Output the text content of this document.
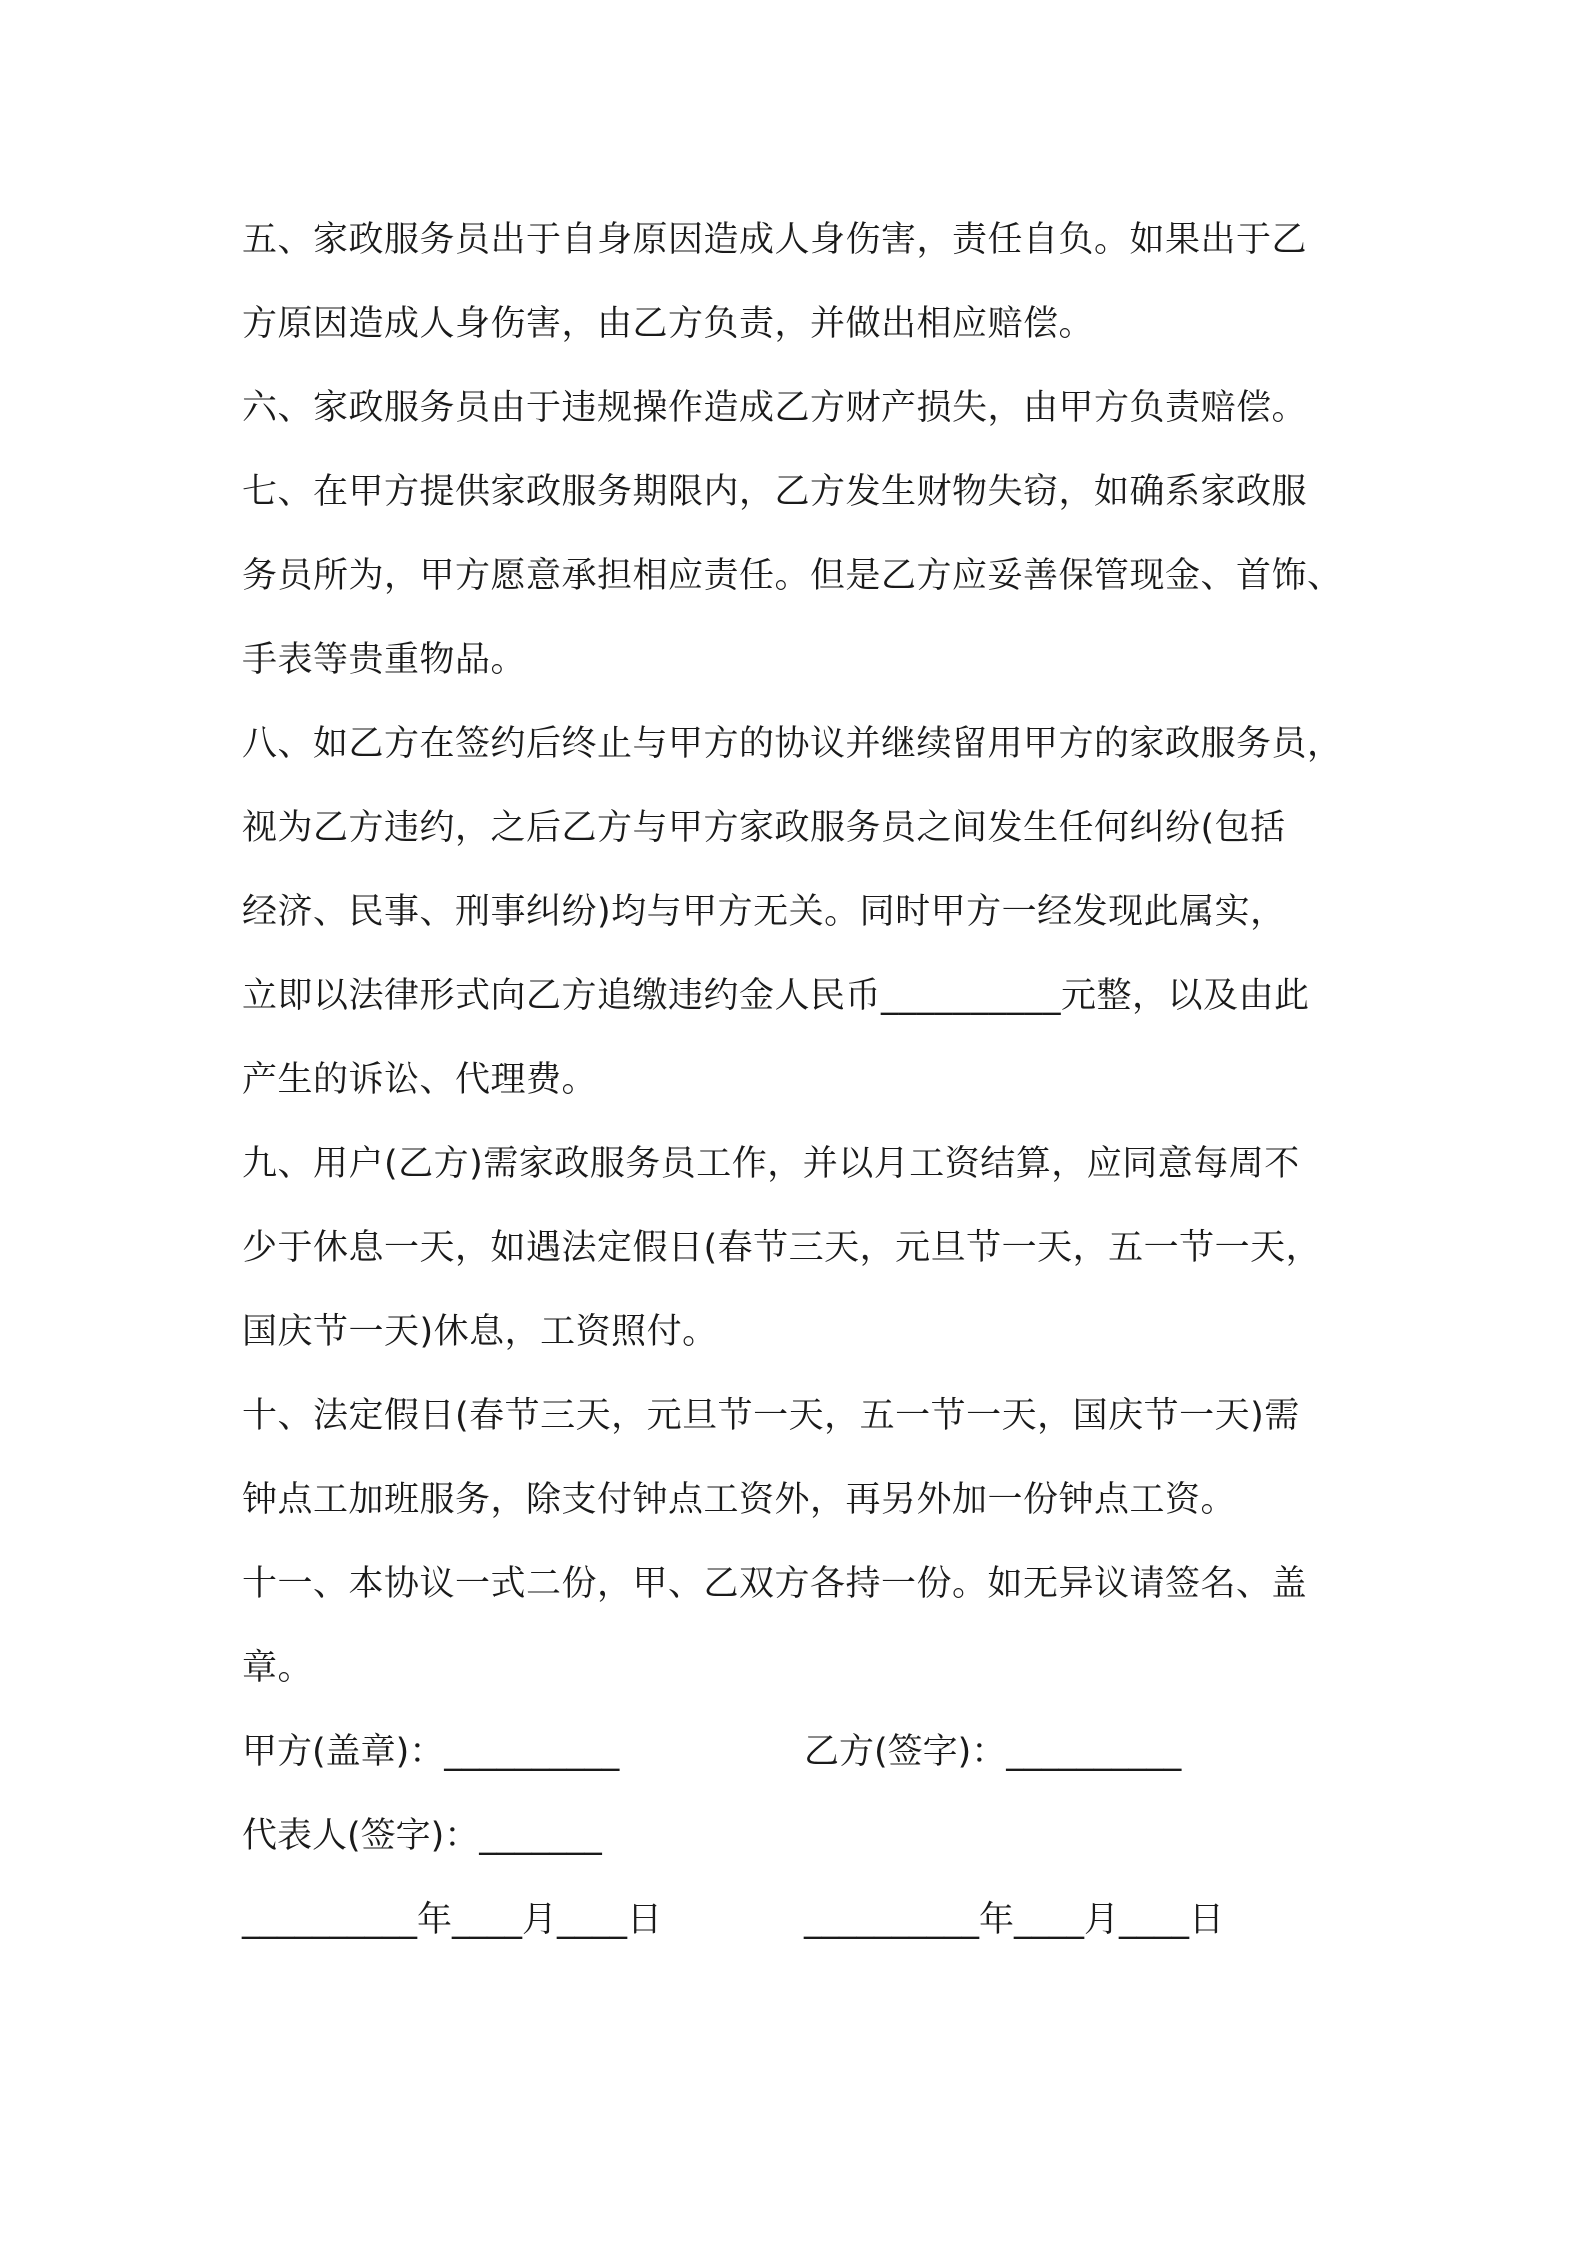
五、家政服务员出于自身原因造成人身伤害，责任自负。如果出于乙
方原因造成人身伤害，由乙方负责，并做出相应赔偿。

六、家政服务员由于违规操作造成乙方财产损失，由甲方负责赔偿。

七、在甲方提供家政服务期限内，乙方发生财物失窃，如确系家政服
务员所为，甲方愿意承担相应责任。但是乙方应妥善保管现金、首饰、
手表等贵重物品。

八、如乙方在签约后终止与甲方的协议并继续留用甲方的家政服务员，
视为乙方违约，之后乙方与甲方家政服务员之间发生任何纠纷(包括
经济、民事、刑事纠纷)均与甲方无关。同时甲方一经发现此属实，
立即以法律形式向乙方追缴违约金人民币__________元整，以及由此
产生的诉讼、代理费。

九、用户(乙方)需家政服务员工作，并以月工资结算，应同意每周不
少于休息一天，如遇法定假日(春节三天，元旦节一天，五一节一天，
国庆节一天)休息，工资照付。

十、法定假日(春节三天，元旦节一天，五一节一天，国庆节一天)需
钟点工加班服务，除支付钟点工资外，再另外加一份钟点工资。

十一、本协议一式二份，甲、乙双方各持一份。如无异议请签名、盖
章。

甲方(盖章)：__________	乙方(签字)：__________
代表人(签字)：_______
__________年____月____日	__________年____月____日
